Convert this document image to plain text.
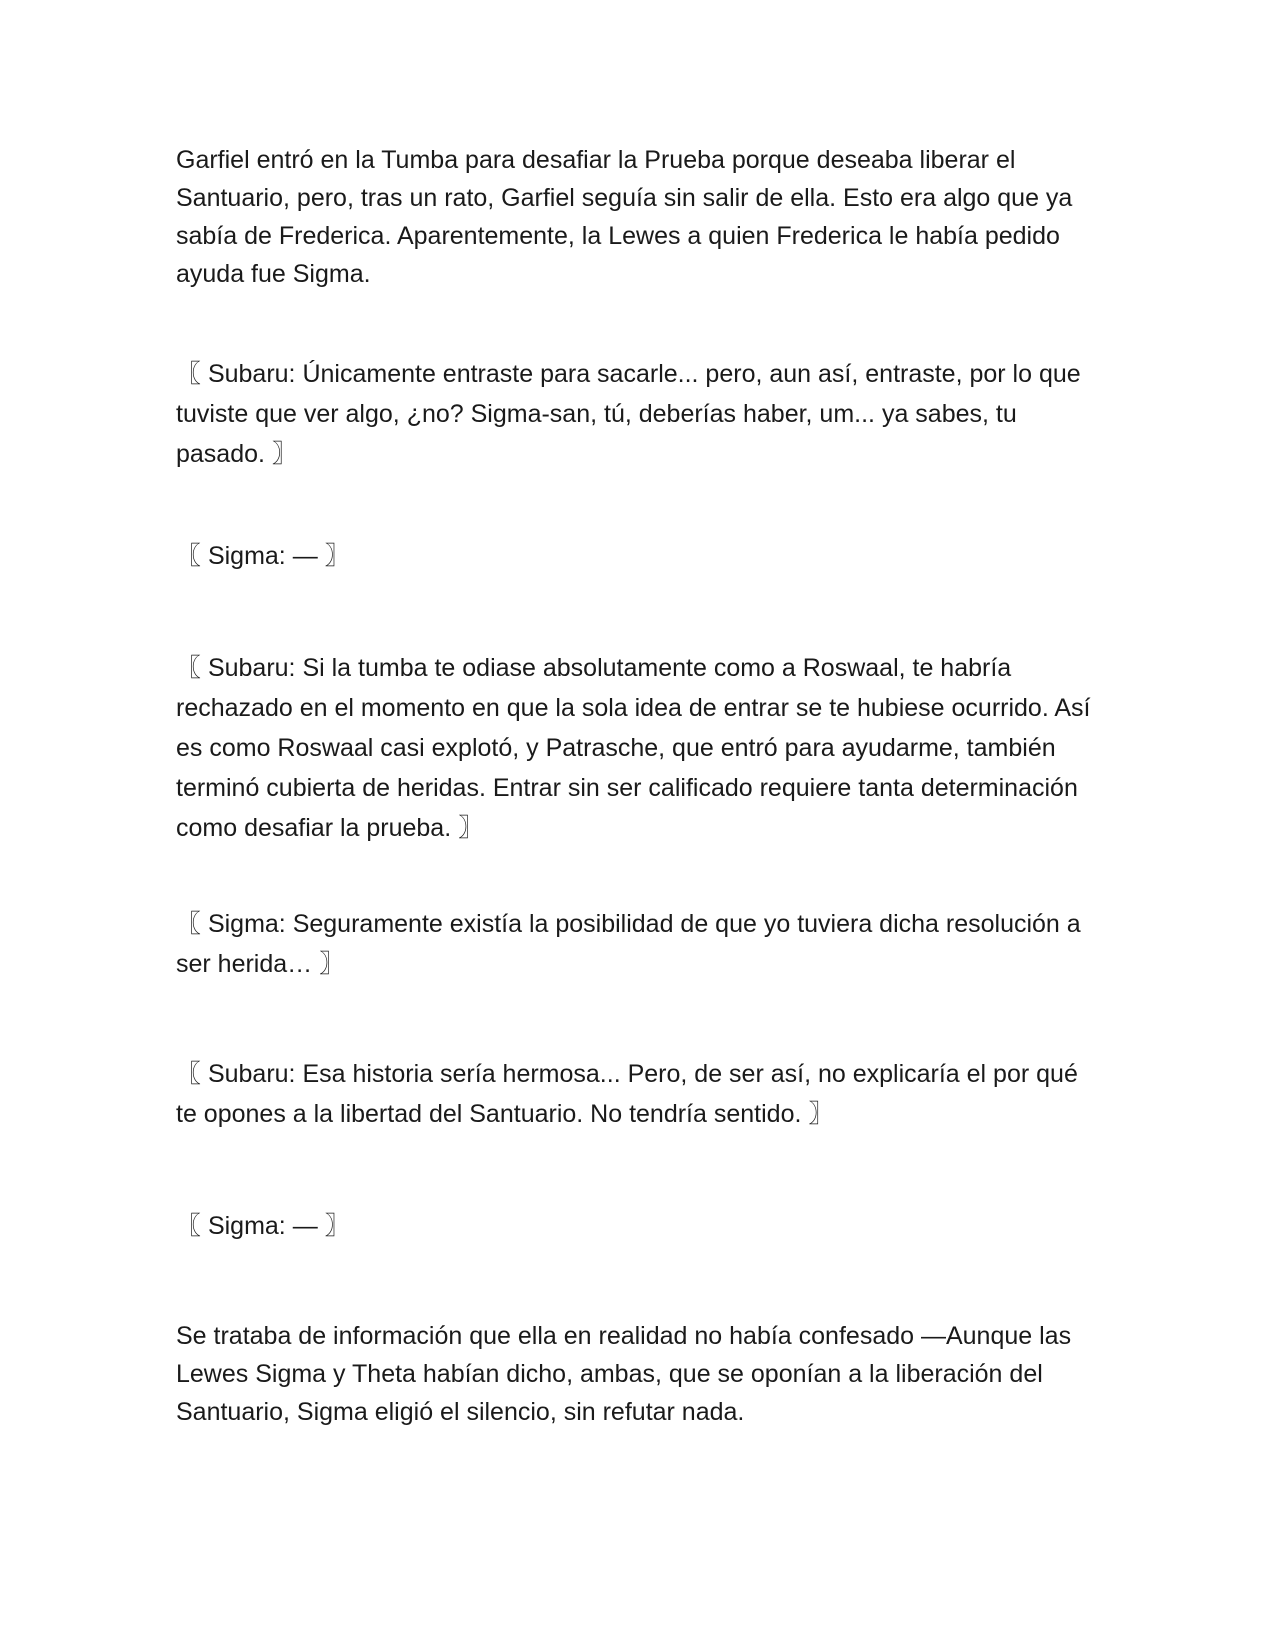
Garfiel entró en la Tumba para desafiar la Prueba porque deseaba liberar el Santuario, pero, tras un rato, Garfiel seguía sin salir de ella. Esto era algo que ya sabía de Frederica. Aparentemente, la Lewes a quien Frederica le había pedido ayuda fue Sigma.

〖 Subaru: Únicamente entraste para sacarle... pero, aun así, entraste, por lo que tuviste que ver algo, ¿no? Sigma-san, tú, deberías haber, um... ya sabes, tu pasado. 〗

〖 Sigma: — 〗

〖 Subaru: Si la tumba te odiase absolutamente como a Roswaal, te habría rechazado en el momento en que la sola idea de entrar se te hubiese ocurrido. Así es como Roswaal casi explotó, y Patrasche, que entró para ayudarme, también terminó cubierta de heridas. Entrar sin ser calificado requiere tanta determinación como desafiar la prueba. 〗

〖 Sigma: Seguramente existía la posibilidad de que yo tuviera dicha resolución a ser herida… 〗

〖 Subaru: Esa historia sería hermosa... Pero, de ser así, no explicaría el por qué te opones a la libertad del Santuario. No tendría sentido. 〗

〖 Sigma: — 〗

Se trataba de información que ella en realidad no había confesado —Aunque las Lewes Sigma y Theta habían dicho, ambas, que se oponían a la liberación del Santuario, Sigma eligió el silencio, sin refutar nada.
